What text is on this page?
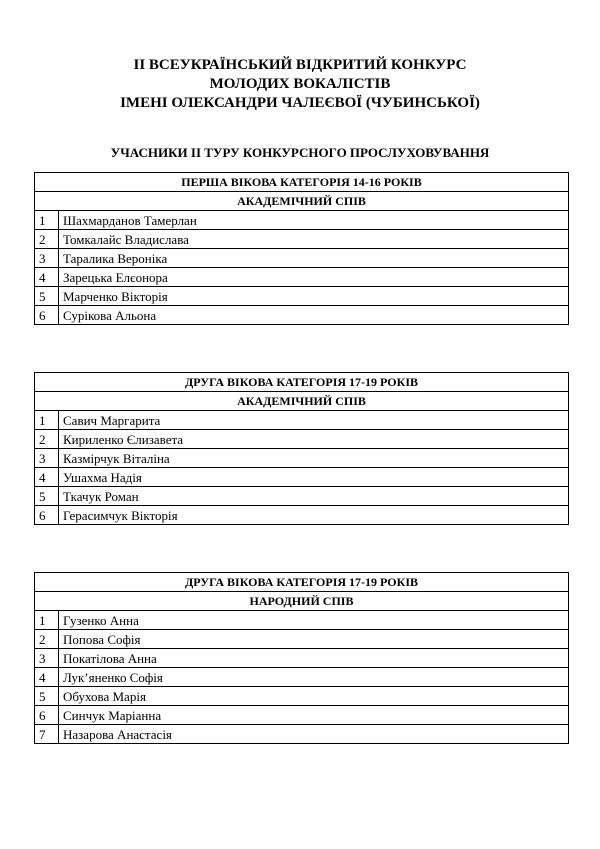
II ВСЕУКРАЇНСЬКИЙ ВІДКРИТИЙ КОНКУРС
МОЛОДИХ ВОКАЛІСТІВ
ІМЕНІ ОЛЕКСАНДРИ ЧАЛЕЄВОЇ (ЧУБИНСЬКОЇ)
УЧАСНИКИ ІІ ТУРУ КОНКУРСНОГО ПРОСЛУХОВУВАННЯ
ПЕРША ВІКОВА КАТЕГОРІЯ 14-16 РОКІВ	
АКАДЕМІЧНИЙ СПІВ	
1	Шахмарданов Тамерлан
2	Томкалайс Владислава
3	Таралика Вероніка
4	Зарецька Елєонора
5	Марченко Вікторія
6	Сурікова Альона
ДРУГА ВІКОВА КАТЕГОРІЯ 17-19 РОКІВ	
АКАДЕМІЧНИЙ СПІВ	
1	Савич Маргарита
2	Кириленко Єлизавета
3	Казмірчук Віталіна
4	Ушахма Надія
5	Ткачук Роман
6	Герасимчук Вікторія
ДРУГА ВІКОВА КАТЕГОРІЯ 17-19 РОКІВ	
НАРОДНИЙ СПІВ	
1	Гузенко Анна
2	Попова Софія
3	Покатілова Анна
4	Лук’яненко Софія
5	Обухова Марія
6	Синчук Маріанна
7	Назарова Анастасія
